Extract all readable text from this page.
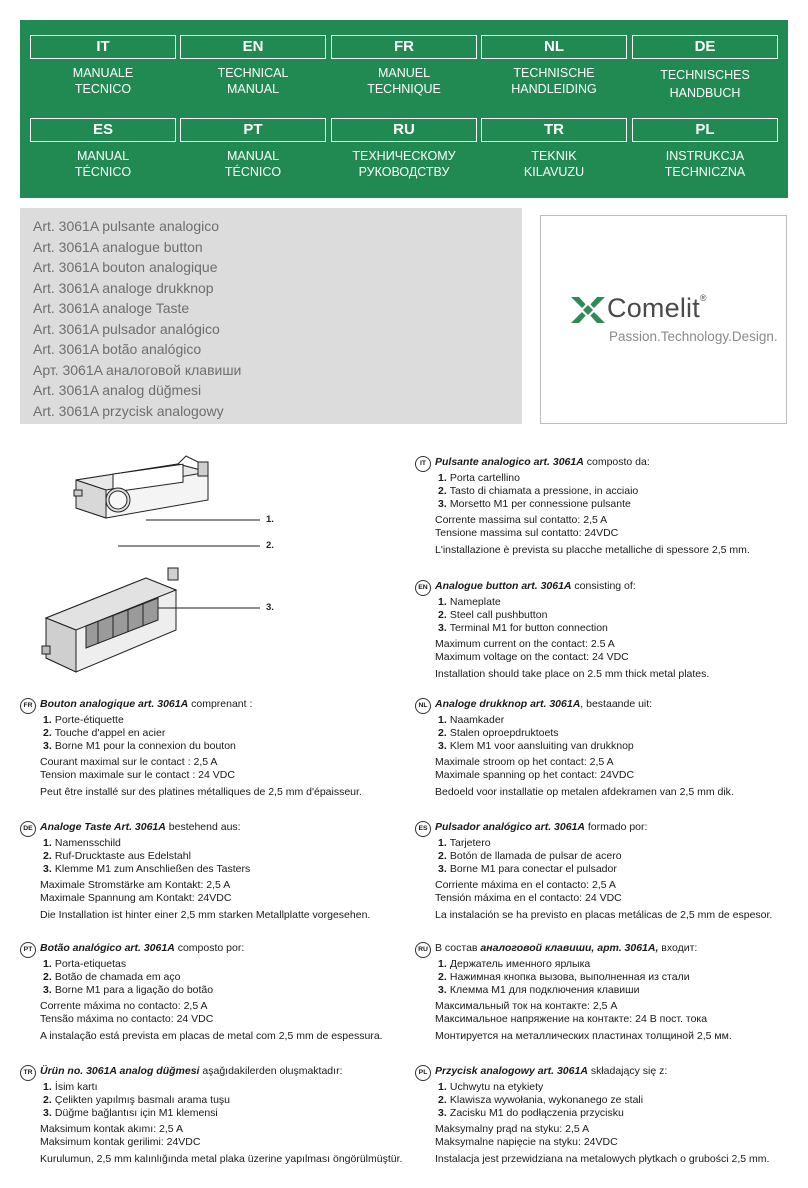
IT
MANUALE
TECNICO
EN
TECHNICAL
MANUAL
FR
MANUEL
TECHNIQUE
NL
TECHNISCHE
HANDLEIDING
DE
TECHNISCHES
HANDBUCH
ES
MANUAL
TÉCNICO
PT
MANUAL
TÉCNICO
RU
ТЕХНИЧЕСКОМУ
РУКОВОДСТВУ
TR
TEKNIK
KILAVUZU
PL
INSTRUKCJA
TECHNICZNA
Art. 3061A pulsante analogico
Art. 3061A analogue button
Art. 3061A bouton analogique
Art. 3061A analoge drukknop
Art. 3061A analoge Taste
Art. 3061A pulsador analógico
Art. 3061A botão analógico
Арт. 3061A аналоговой клавиши
Art. 3061A analog düğmesi
Art. 3061A przycisk analogowy
Comelit®
Passion.Technology.Design.
1.
2.
3.
IT Pulsante analogico art. 3061A composto da:
1. Porta cartellino
2. Tasto di chiamata a pressione, in acciaio
3. Morsetto M1 per connessione pulsante
Corrente massima sul contatto: 2,5 A
Tensione massima sul contatto: 24VDC
L'installazione è prevista su placche metalliche di spessore 2,5 mm.
EN Analogue button art. 3061A consisting of:
1. Nameplate
2. Steel call pushbutton
3. Terminal M1 for button connection
Maximum current on the contact: 2.5 A
Maximum voltage on the contact: 24 VDC
Installation should take place on 2.5 mm thick metal plates.
FR Bouton analogique art. 3061A comprenant :
1. Porte-étiquette
2. Touche d'appel en acier
3. Borne M1 pour la connexion du bouton
Courant maximal sur le contact : 2,5 A
Tension maximale sur le contact : 24 VDC
Peut être installé sur des platines métalliques de 2,5 mm d'épaisseur.
NL Analoge drukknop art. 3061A, bestaande uit:
1. Naamkader
2. Stalen oproepdruktoets
3. Klem M1 voor aansluiting van drukknop
Maximale stroom op het contact: 2,5 A
Maximale spanning op het contact: 24VDC
Bedoeld voor installatie op metalen afdekramen van 2,5 mm dik.
DE Analoge Taste Art. 3061A bestehend aus:
1. Namensschild
2. Ruf-Drucktaste aus Edelstahl
3. Klemme M1 zum Anschließen des Tasters
Maximale Stromstärke am Kontakt: 2,5 A
Maximale Spannung am Kontakt: 24VDC
Die Installation ist hinter einer 2,5 mm starken Metallplatte vorgesehen.
ES Pulsador analógico art. 3061A formado por:
1. Tarjetero
2. Botón de llamada de pulsar de acero
3. Borne M1 para conectar el pulsador
Corriente máxima en el contacto: 2,5 A
Tensión máxima en el contacto: 24 VDC
La instalación se ha previsto en placas metálicas de 2,5 mm de espesor.
PT Botão analógico art. 3061A composto por:
1. Porta-etiquetas
2. Botão de chamada em aço
3. Borne M1 para a ligação do botão
Corrente máxima no contacto: 2,5 A
Tensão máxima no contacto: 24 VDC
A instalação está prevista em placas de metal com 2,5 mm de espessura.
RU В состав аналоговой клавиши, арт. 3061A, входит:
1. Держатель именного ярлыка
2. Нажимная кнопка вызова, выполненная из стали
3. Клемма M1 для подключения клавиши
Максимальный ток на контакте: 2,5 A
Максимальное напряжение на контакте: 24 В пост. тока
Монтируется на металлических пластинах толщиной 2,5 мм.
TR Ürün no. 3061A analog düğmesi aşağıdakilerden oluşmaktadır:
1. İsim kartı
2. Çelikten yapılmış basmalı arama tuşu
3. Düğme bağlantısı için M1 klemensi
Maksimum kontak akımı: 2,5 A
Maksimum kontak gerilimi: 24VDC
Kurulumun, 2,5 mm kalınlığında metal plaka üzerine yapılması öngörülmüştür.
PL Przycisk analogowy art. 3061A składający się z:
1. Uchwytu na etykiety
2. Klawisza wywołania, wykonanego ze stali
3. Zacisku M1 do podłączenia przycisku
Maksymalny prąd na styku: 2,5 A
Maksymalne napięcie na styku: 24VDC
Instalacja jest przewidziana na metalowych płytkach o grubości 2,5 mm.
